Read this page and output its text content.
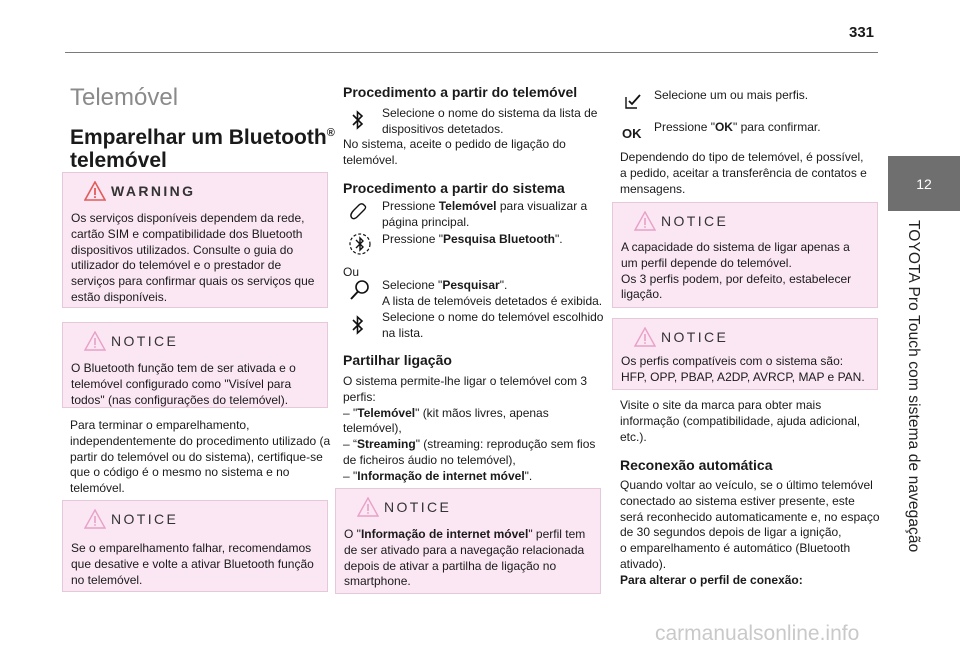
331
12
TOYOTA Pro Touch com sistema de navegação
Telemóvel
Emparelhar um Bluetooth®
telemóvel
WARNING
Os serviços disponíveis dependem da rede,
cartão SIM e compatibilidade dos Bluetooth
dispositivos utilizados. Consulte o guia do
utilizador do telemóvel e o prestador de
serviços para confirmar quais os serviços que
estão disponíveis.
NOTICE
O Bluetooth função tem de ser ativada e o
telemóvel configurado como "Visível para
todos" (nas configurações do telemóvel).
Para terminar o emparelhamento,
independentemente do procedimento utilizado (a
partir do telemóvel ou do sistema), certifique-se
que o código é o mesmo no sistema e no
telemóvel.
NOTICE
Se o emparelhamento falhar, recomendamos
que desative e volte a ativar Bluetooth função
no telemóvel.
Procedimento a partir do telemóvel
Selecione o nome do sistema da lista de
dispositivos detetados.
No sistema, aceite o pedido de ligação do
telemóvel.
Procedimento a partir do sistema
Pressione Telemóvel para visualizar a
página principal.
Pressione "Pesquisa Bluetooth".
Ou
Selecione "Pesquisar".
A lista de telemóveis detetados é exibida.
Selecione o nome do telemóvel escolhido
na lista.
Partilhar ligação
O sistema permite-lhe ligar o telemóvel com 3
perfis:
– "Telemóvel" (kit mãos livres, apenas
telemóvel),
– “Streaming" (streaming: reprodução sem fios
de ficheiros áudio no telemóvel),
– "Informação de internet móvel".
NOTICE
O "Informação de internet móvel" perfil tem
de ser ativado para a navegação relacionada
depois de ativar a partilha de ligação no
smartphone.
Selecione um ou mais perfis.
OK Pressione "OK" para confirmar.
Dependendo do tipo de telemóvel, é possível,
a pedido, aceitar a transferência de contatos e
mensagens.
NOTICE
A capacidade do sistema de ligar apenas a
um perfil depende do telemóvel.
Os 3 perfis podem, por defeito, estabelecer
ligação.
NOTICE
Os perfis compatíveis com o sistema são:
HFP, OPP, PBAP, A2DP, AVRCP, MAP e PAN.
Visite o site da marca para obter mais
informação (compatibilidade, ajuda adicional,
etc.).
Reconexão automática
Quando voltar ao veículo, se o último telemóvel
conectado ao sistema estiver presente, este
será reconhecido automaticamente e, no espaço
de 30 segundos depois de ligar a ignição,
o emparelhamento é automático (Bluetooth
ativado).
Para alterar o perfil de conexão:
carmanualsonline.info
